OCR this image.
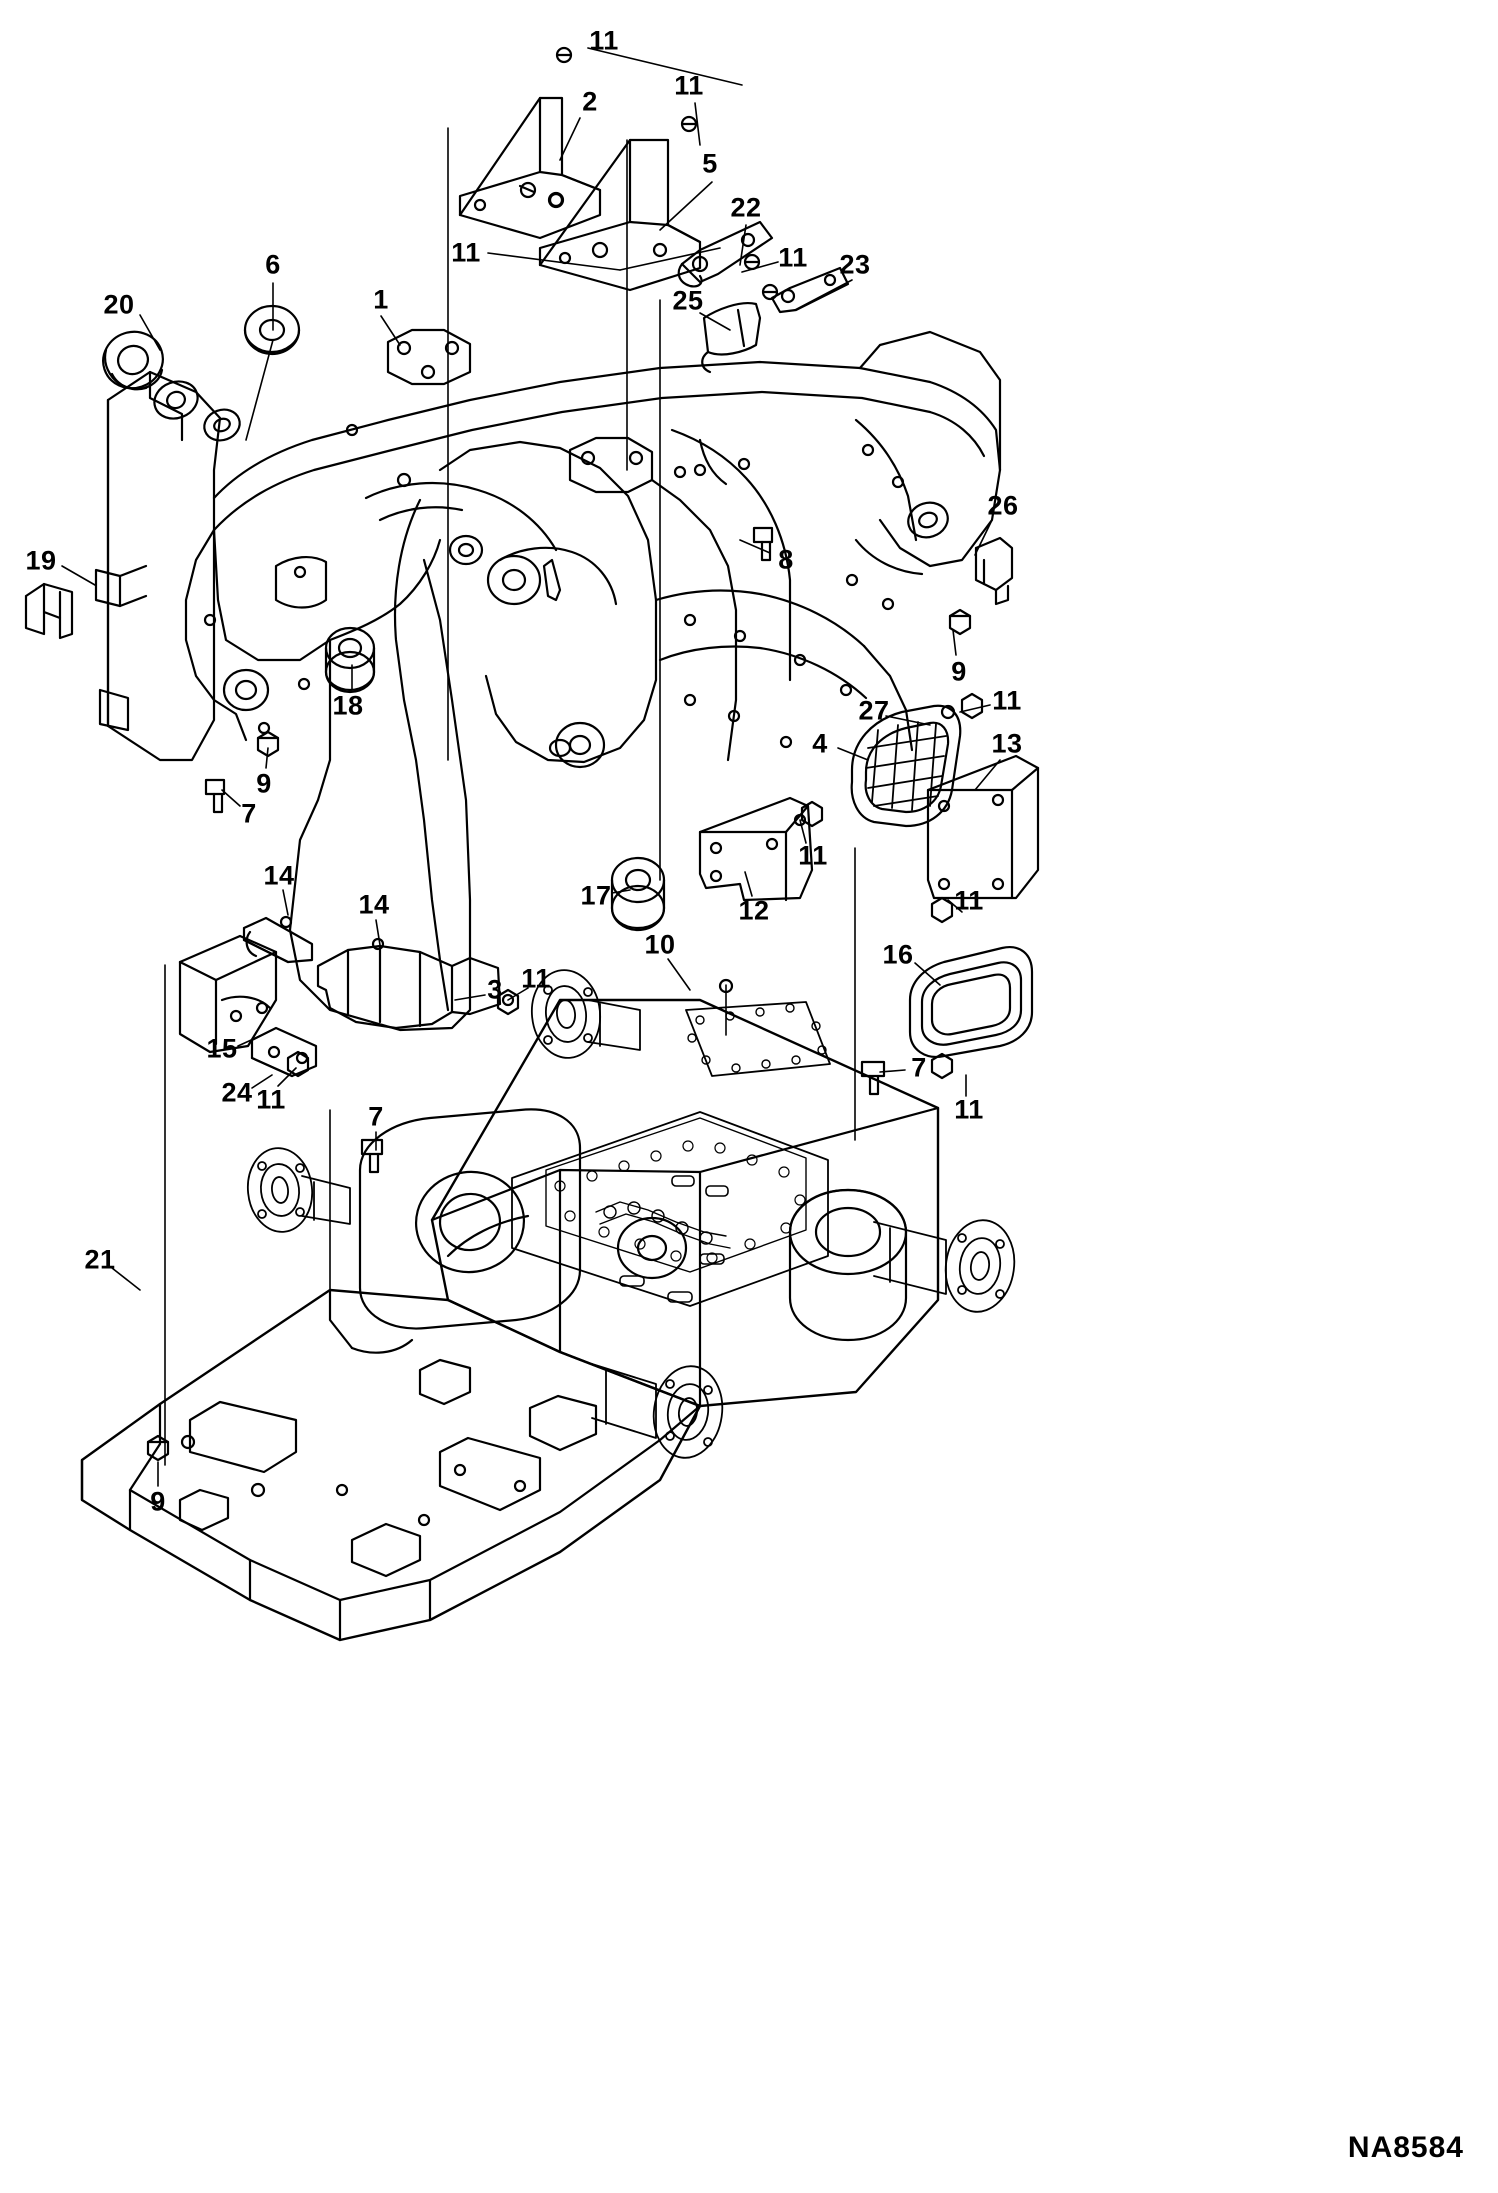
11
2
11
5
22
11	11 23
6
25
20	1
26
19	8
9
18	27	11
4	13
9
7
11
14
14	17	12	11
16
10
3 11
15
7
24 11	11
7
21
9
NA8584
